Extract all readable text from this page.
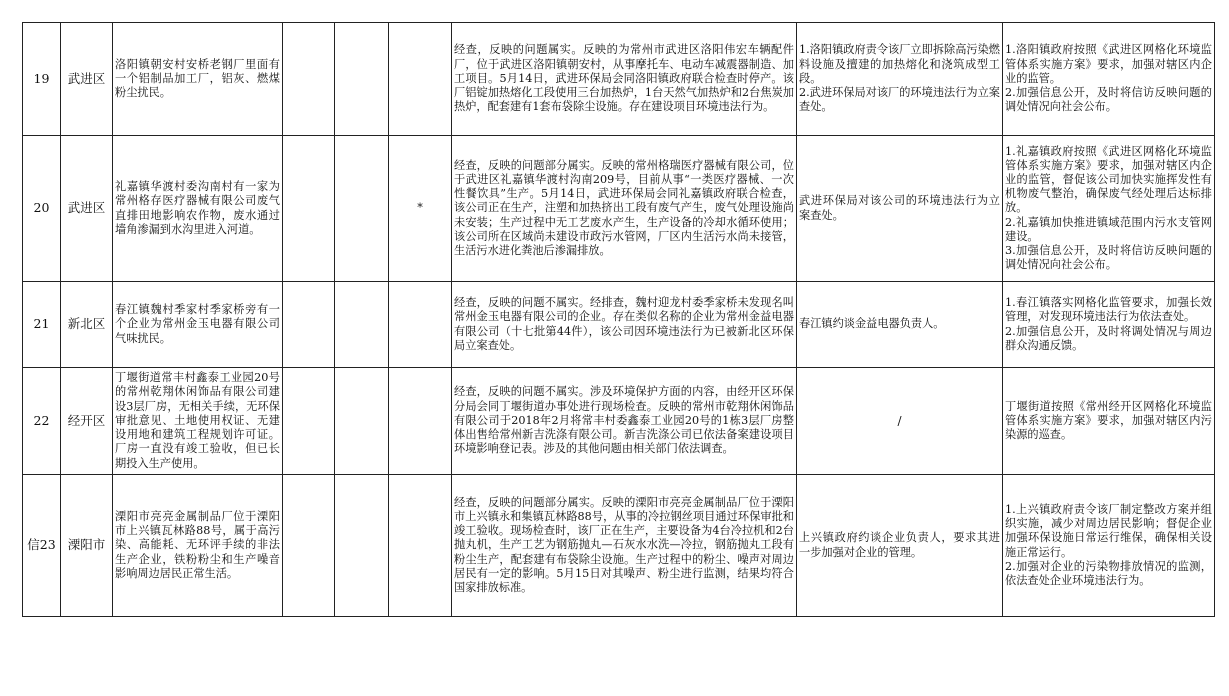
19	武进区	洛阳镇朝安村安桥老钢厂里面有一个铝制品加工厂，铝灰、燃煤粉尘扰民。				经查，反映的问题属实。反映的为常州市武进区洛阳伟宏车辆配件厂，位于武进区洛阳镇朝安村，从事摩托车、电动车减震器制造、加工项目。5月14日，武进环保局会同洛阳镇政府联合检查时停产。该厂铝锭加热熔化工段使用三台加热炉，1台天然气加热炉和2台焦炭加热炉，配套建有1套布袋除尘设施。存在建设项目环境违法行为。	1.洛阳镇政府责令该厂立即拆除高污染燃料设施及擅建的加热熔化和浇筑成型工段。
2.武进环保局对该厂的环境违法行为立案查处。	1.洛阳镇政府按照《武进区网格化环境监管体系实施方案》要求，加强对辖区内企业的监管。
2.加强信息公开，及时将信访反映问题的调处情况向社会公布。

20	武进区	礼嘉镇华渡村委沟南村有一家为常州格存医疗器械有限公司废气直排田地影响农作物，废水通过墙角渗漏到水沟里进入河道。			*	经查，反映的问题部分属实。反映的常州格瑞医疗器械有限公司，位于武进区礼嘉镇华渡村沟南209号，目前从事“一类医疗器械、一次性餐饮具”生产。5月14日，武进环保局会同礼嘉镇政府联合检查，该公司正在生产，注塑和加热挤出工段有废气产生，废气处理设施尚未安装；生产过程中无工艺废水产生，生产设备的冷却水循环使用；该公司所在区域尚未建设市政污水管网，厂区内生活污水尚未接管，生活污水进化粪池后渗漏排放。	武进环保局对该公司的环境违法行为立案查处。	1.礼嘉镇政府按照《武进区网格化环境监管体系实施方案》要求，加强对辖区内企业的监管，督促该公司加快实施挥发性有机物废气整治，确保废气经处理后达标排放。
2.礼嘉镇加快推进镇域范围内污水支管网建设。
3.加强信息公开，及时将信访反映问题的调处情况向社会公布。

21	新北区	春江镇魏村季家村季家桥旁有一个企业为常州金玉电器有限公司气味扰民。				经查，反映的问题不属实。经排查，魏村迎龙村委季家桥未发现名叫常州金玉电器有限公司的企业。存在类似名称的企业为常州金益电器有限公司（十七批第44件），该公司因环境违法行为已被新北区环保局立案查处。	春江镇约谈金益电器负责人。	1.春江镇落实网格化监管要求，加强长效管理，对发现环境违法行为依法查处。
2.加强信息公开，及时将调处情况与周边群众沟通反馈。

22	经开区	丁堰街道常丰村鑫泰工业园20号的常州乾翔休闲饰品有限公司建设3层厂房，无相关手续，无环保审批意见、土地使用权证、无建设用地和建筑工程规划许可证。厂房一直没有竣工验收，但已长期投入生产使用。				经查，反映的问题不属实。涉及环境保护方面的内容，由经开区环保分局会同丁堰街道办事处进行现场检查。反映的常州市乾翔休闲饰品有限公司于2018年2月将常丰村委鑫泰工业园20号的1栋3层厂房整体出售给常州新吉洗涤有限公司。新吉洗涤公司已依法备案建设项目环境影响登记表。涉及的其他问题由相关部门依法调查。	/	丁堰街道按照《常州经开区网格化环境监管体系实施方案》要求，加强对辖区内污染源的巡查。

信23	溧阳市	溧阳市亮亮金属制品厂位于溧阳市上兴镇瓦林路88号，属于高污染、高能耗、无环评手续的非法生产企业，铁粉粉尘和生产噪音影响周边居民正常生活。				经查，反映的问题部分属实。反映的溧阳市亮亮金属制品厂位于溧阳市上兴镇永和集镇瓦林路88号，从事的冷拉钢丝项目通过环保审批和竣工验收。现场检查时，该厂正在生产，主要设备为4台冷拉机和2台抛丸机，生产工艺为钢筋抛丸—石灰水水洗—冷拉，钢筋抛丸工段有粉尘生产，配套建有布袋除尘设施。生产过程中的粉尘、噪声对周边居民有一定的影响。5月15日对其噪声、粉尘进行监测，结果均符合国家排放标准。	上兴镇政府约谈企业负责人，要求其进一步加强对企业的管理。	1.上兴镇政府责令该厂制定整改方案并组织实施，减少对周边居民影响；督促企业加强环保设施日常运行维保，确保相关设施正常运行。
2.加强对企业的污染物排放情况的监测，依法查处企业环境违法行为。
